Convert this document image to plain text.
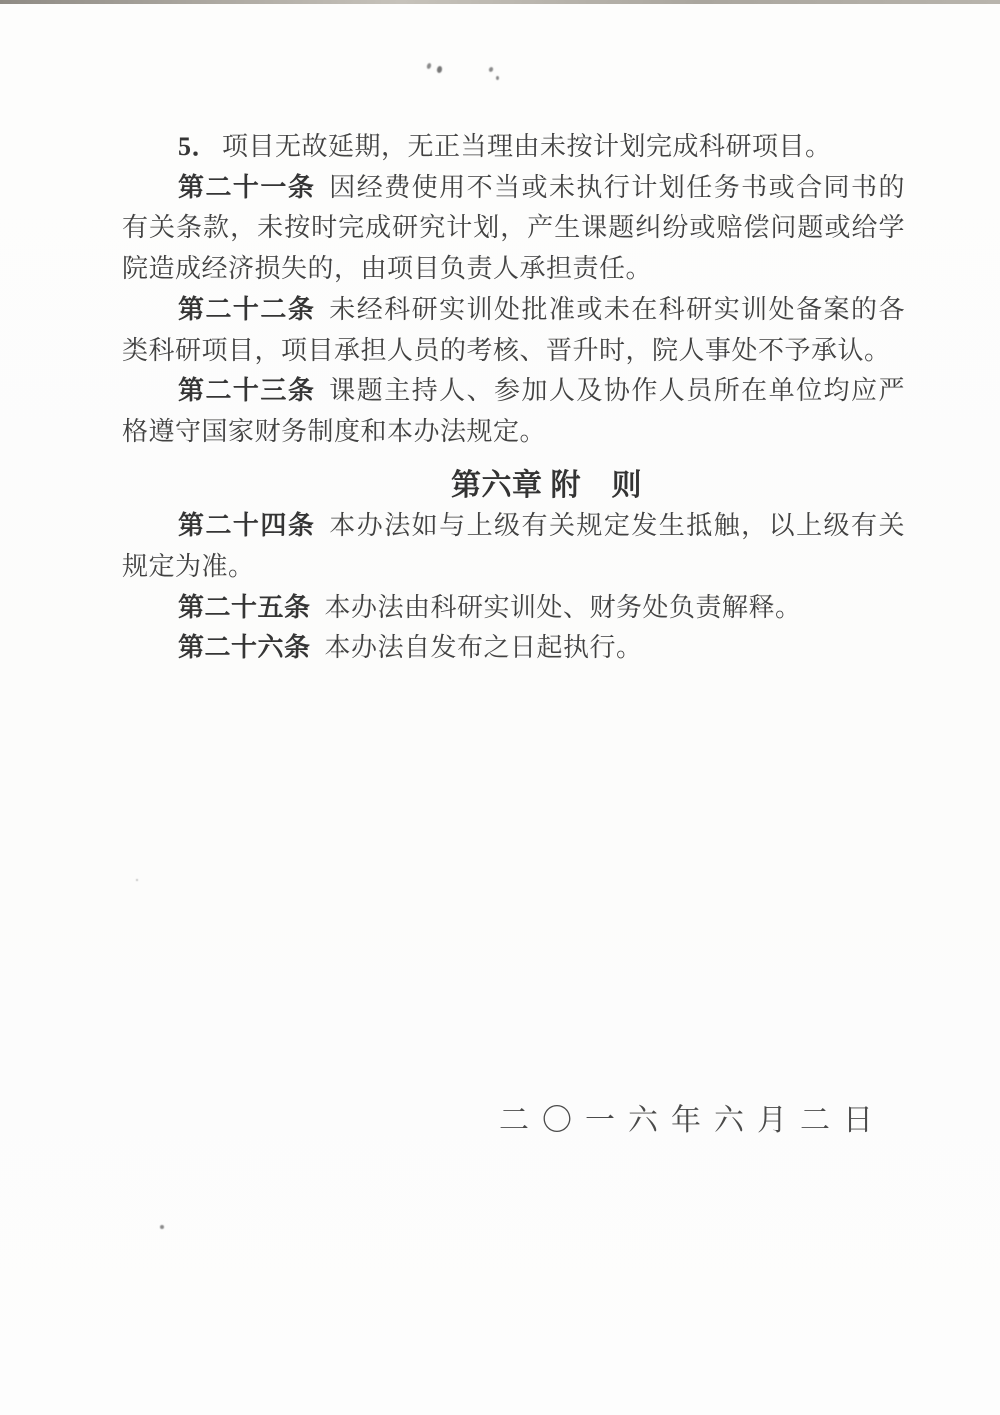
5． 项目无故延期，无正当理由未按计划完成科研项目。

第二十一条 因经费使用不当或未执行计划任务书或合同书的有关条款，未按时完成研究计划，产生课题纠纷或赔偿问题或给学院造成经济损失的，由项目负责人承担责任。

第二十二条 未经科研实训处批准或未在科研实训处备案的各类科研项目，项目承担人员的考核、晋升时，院人事处不予承认。

第二十三条 课题主持人、参加人及协作人员所在单位均应严格遵守国家财务制度和本办法规定。

第六章 附　则

第二十四条 本办法如与上级有关规定发生抵触，以上级有关规定为准。

第二十五条 本办法由科研实训处、财务处负责解释。

第二十六条 本办法自发布之日起执行。

二〇一六年六月二日
